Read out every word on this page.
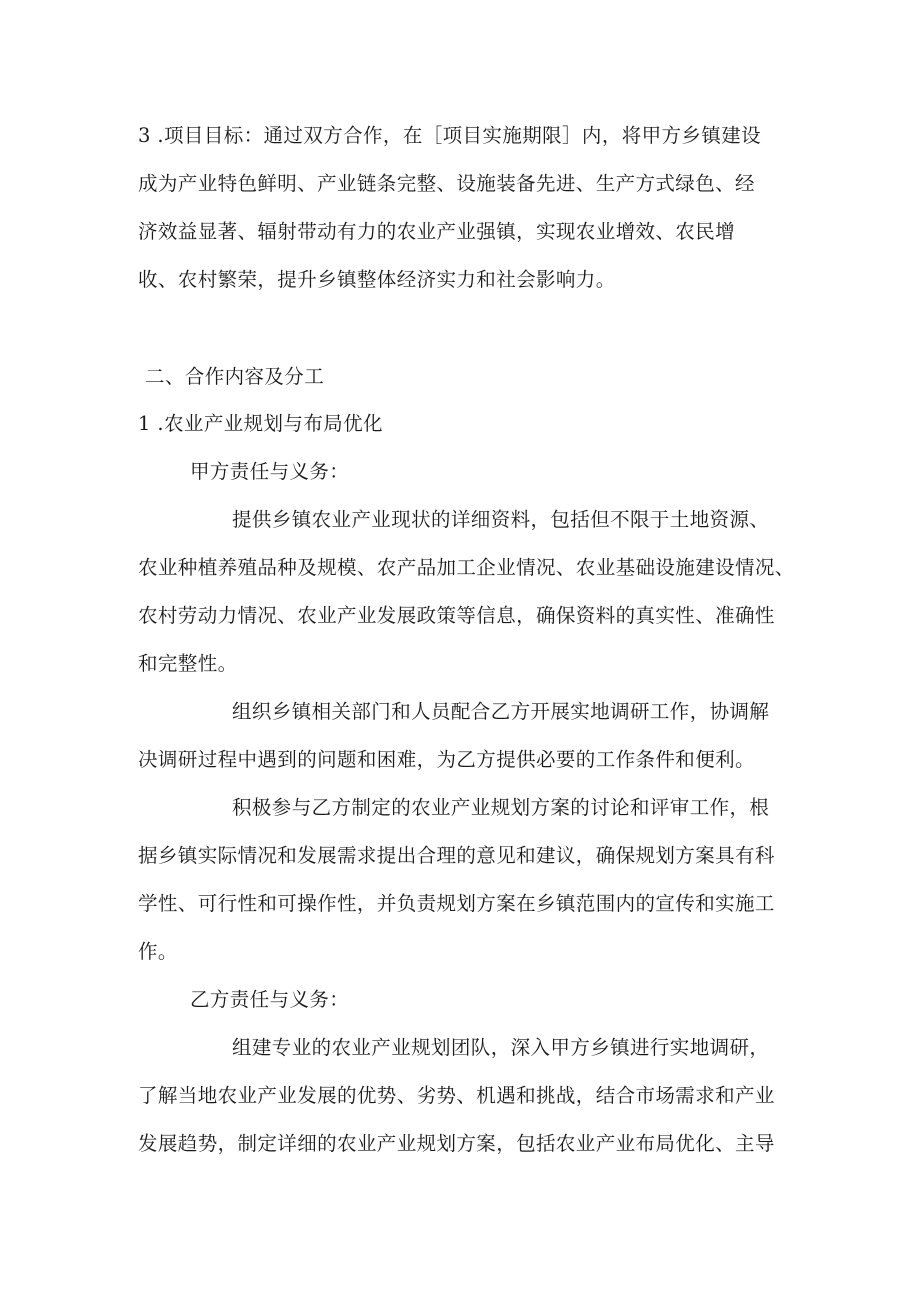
3 .项目目标：通过双方合作，在［项目实施期限］内，将甲方乡镇建设
成为产业特色鲜明、产业链条完整、设施装备先进、生产方式绿色、经
济效益显著、辐射带动有力的农业产业强镇，实现农业增效、农民增
收、农村繁荣，提升乡镇整体经济实力和社会影响力。
二、合作内容及分工
1 .农业产业规划与布局优化
甲方责任与义务：
提供乡镇农业产业现状的详细资料，包括但不限于土地资源、
农业种植养殖品种及规模、农产品加工企业情况、农业基础设施建设情况、
农村劳动力情况、农业产业发展政策等信息，确保资料的真实性、准确性
和完整性。
组织乡镇相关部门和人员配合乙方开展实地调研工作，协调解
决调研过程中遇到的问题和困难，为乙方提供必要的工作条件和便利。
积极参与乙方制定的农业产业规划方案的讨论和评审工作，根
据乡镇实际情况和发展需求提出合理的意见和建议，确保规划方案具有科
学性、可行性和可操作性，并负责规划方案在乡镇范围内的宣传和实施工
作。
乙方责任与义务：
组建专业的农业产业规划团队，深入甲方乡镇进行实地调研，
了解当地农业产业发展的优势、劣势、机遇和挑战，结合市场需求和产业
发展趋势，制定详细的农业产业规划方案，包括农业产业布局优化、主导
